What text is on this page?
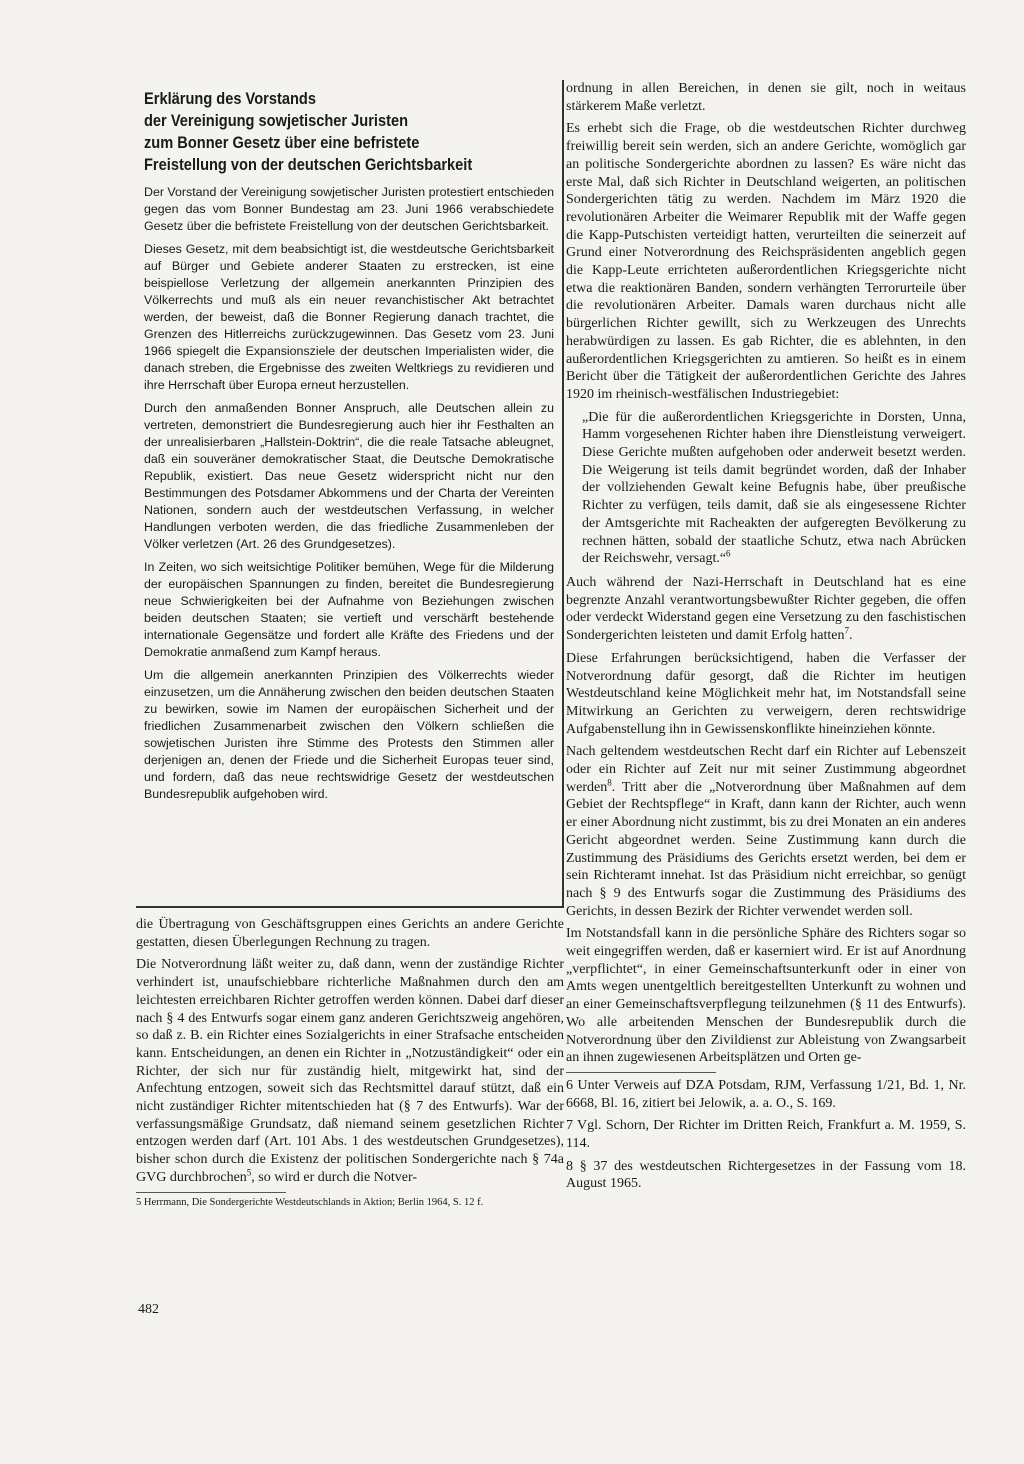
Erklärung des Vorstands
der Vereinigung sowjetischer Juristen
zum Bonner Gesetz über eine befristete
Freistellung von der deutschen Gerichtsbarkeit

Der Vorstand der Vereinigung sowjetischer Juristen protestiert entschieden gegen das vom Bonner Bundestag am 23. Juni 1966 verabschiedete Gesetz über die befristete Freistellung von der deutschen Gerichtsbarkeit.

Dieses Gesetz, mit dem beabsichtigt ist, die westdeutsche Gerichtsbarkeit auf Bürger und Gebiete anderer Staaten zu erstrecken, ist eine beispiellose Verletzung der allgemein anerkannten Prinzipien des Völkerrechts und muß als ein neuer revanchistischer Akt betrachtet werden, der beweist, daß die Bonner Regierung danach trachtet, die Grenzen des Hitlerreichs zurückzugewinnen. Das Gesetz vom 23. Juni 1966 spiegelt die Expansionsziele der deutschen Imperialisten wider, die danach streben, die Ergebnisse des zweiten Weltkriegs zu revidieren und ihre Herrschaft über Europa erneut herzustellen.

Durch den anmaßenden Bonner Anspruch, alle Deutschen allein zu vertreten, demonstriert die Bundesregierung auch hier ihr Festhalten an der unrealisierbaren „Hallstein-Doktrin“, die die reale Tatsache ableugnet, daß ein souveräner demokratischer Staat, die Deutsche Demokratische Republik, existiert. Das neue Gesetz widerspricht nicht nur den Bestimmungen des Potsdamer Abkommens und der Charta der Vereinten Nationen, sondern auch der westdeutschen Verfassung, in welcher Handlungen verboten werden, die das friedliche Zusammenleben der Völker verletzen (Art. 26 des Grundgesetzes).

In Zeiten, wo sich weitsichtige Politiker bemühen, Wege für die Milderung der europäischen Spannungen zu finden, bereitet die Bundesregierung neue Schwierigkeiten bei der Aufnahme von Beziehungen zwischen beiden deutschen Staaten; sie vertieft und verschärft bestehende internationale Gegensätze und fordert alle Kräfte des Friedens und der Demokratie anmaßend zum Kampf heraus.

Um die allgemein anerkannten Prinzipien des Völkerrechts wieder einzusetzen, um die Annäherung zwischen den beiden deutschen Staaten zu bewirken, sowie im Namen der europäischen Sicherheit und der friedlichen Zusammenarbeit zwischen den Völkern schließen die sowjetischen Juristen ihre Stimme des Protests den Stimmen aller derjenigen an, denen der Friede und die Sicherheit Europas teuer sind, und fordern, daß das neue rechtswidrige Gesetz der westdeutschen Bundesrepublik aufgehoben wird.

die Übertragung von Geschäftsgruppen eines Gerichts an andere Gerichte gestatten, diesen Überlegungen Rechnung zu tragen.

Die Notverordnung läßt weiter zu, daß dann, wenn der zuständige Richter verhindert ist, unaufschiebbare richterliche Maßnahmen durch den am leichtesten erreichbaren Richter getroffen werden können. Dabei darf dieser nach § 4 des Entwurfs sogar einem ganz anderen Gerichtszweig angehören, so daß z. B. ein Richter eines Sozialgerichts in einer Strafsache entscheiden kann. Entscheidungen, an denen ein Richter in „Notzuständigkeit“ oder ein Richter, der sich nur für zuständig hielt, mitgewirkt hat, sind der Anfechtung entzogen, soweit sich das Rechtsmittel darauf stützt, daß ein nicht zuständiger Richter mitentschieden hat (§ 7 des Entwurfs). War der verfassungsmäßige Grundsatz, daß niemand seinem gesetzlichen Richter entzogen werden darf (Art. 101 Abs. 1 des westdeutschen Grundgesetzes), bisher schon durch die Existenz der politischen Sondergerichte nach § 74a GVG durchbrochen$^5$, so wird er durch die Notver-

5 Herrmann, Die Sondergerichte Westdeutschlands in Aktion; Berlin 1964, S. 12 f.

ordnung in allen Bereichen, in denen sie gilt, noch in weitaus stärkerem Maße verletzt.

Es erhebt sich die Frage, ob die westdeutschen Richter durchweg freiwillig bereit sein werden, sich an andere Gerichte, womöglich gar an politische Sondergerichte abordnen zu lassen? Es wäre nicht das erste Mal, daß sich Richter in Deutschland weigerten, an politischen Sondergerichten tätig zu werden. Nachdem im März 1920 die revolutionären Arbeiter die Weimarer Republik mit der Waffe gegen die Kapp-Putschisten verteidigt hatten, verurteilten die seinerzeit auf Grund einer Notverordnung des Reichspräsidenten angeblich gegen die Kapp-Leute errichteten außerordentlichen Kriegsgerichte nicht etwa die reaktionären Banden, sondern verhängten Terrorurteile über die revolutionären Arbeiter. Damals waren durchaus nicht alle bürgerlichen Richter gewillt, sich zu Werkzeugen des Unrechts herabwürdigen zu lassen. Es gab Richter, die es ablehnten, in den außerordentlichen Kriegsgerichten zu amtieren. So heißt es in einem Bericht über die Tätigkeit der außerordentlichen Gerichte des Jahres 1920 im rheinisch-westfälischen Industriegebiet:

„Die für die außerordentlichen Kriegsgerichte in Dorsten, Unna, Hamm vorgesehenen Richter haben ihre Dienstleistung verweigert. Diese Gerichte mußten aufgehoben oder anderweit besetzt werden. Die Weigerung ist teils damit begründet worden, daß der Inhaber der vollziehenden Gewalt keine Befugnis habe, über preußische Richter zu verfügen, teils damit, daß sie als eingesessene Richter der Amtsgerichte mit Racheakten der aufgeregten Bevölkerung zu rechnen hätten, sobald der staatliche Schutz, etwa nach Abrücken der Reichswehr, versagt.“$^6$

Auch während der Nazi-Herrschaft in Deutschland hat es eine begrenzte Anzahl verantwortungsbewußter Richter gegeben, die offen oder verdeckt Widerstand gegen eine Versetzung zu den faschistischen Sondergerichten leisteten und damit Erfolg hatten$^7$.

Diese Erfahrungen berücksichtigend, haben die Verfasser der Notverordnung dafür gesorgt, daß die Richter im heutigen Westdeutschland keine Möglichkeit mehr hat, im Notstandsfall seine Mitwirkung an Gerichten zu verweigern, deren rechtswidrige Aufgabenstellung ihn in Gewissenskonflikte hineinziehen könnte.

Nach geltendem westdeutschen Recht darf ein Richter auf Lebenszeit oder ein Richter auf Zeit nur mit seiner Zustimmung abgeordnet werden$^8$. Tritt aber die „Notverordnung über Maßnahmen auf dem Gebiet der Rechtspflege“ in Kraft, dann kann der Richter, auch wenn er einer Abordnung nicht zustimmt, bis zu drei Monaten an ein anderes Gericht abgeordnet werden. Seine Zustimmung kann durch die Zustimmung des Präsidiums des Gerichts ersetzt werden, bei dem er sein Richteramt innehat. Ist das Präsidium nicht erreichbar, so genügt nach § 9 des Entwurfs sogar die Zustimmung des Präsidiums des Gerichts, in dessen Bezirk der Richter verwendet werden soll.

Im Notstandsfall kann in die persönliche Sphäre des Richters sogar so weit eingegriffen werden, daß er kaserniert wird. Er ist auf Anordnung „verpflichtet“, in einer Gemeinschaftsunterkunft oder in einer von Amts wegen unentgeltlich bereitgestellten Unterkunft zu wohnen und an einer Gemeinschaftsverpflegung teilzunehmen (§ 11 des Entwurfs). Wo alle arbeitenden Menschen der Bundesrepublik durch die Notverordnung über den Zivildienst zur Ableistung von Zwangsarbeit an ihnen zugewiesenen Arbeitsplätzen und Orten ge-

6 Unter Verweis auf DZA Potsdam, RJM, Verfassung 1/21, Bd. 1, Nr. 6668, Bl. 16, zitiert bei Jelowik, a. a. O., S. 169.

7 Vgl. Schorn, Der Richter im Dritten Reich, Frankfurt a. M. 1959, S. 114.

8 § 37 des westdeutschen Richtergesetzes in der Fassung vom 18. August 1965.

482
